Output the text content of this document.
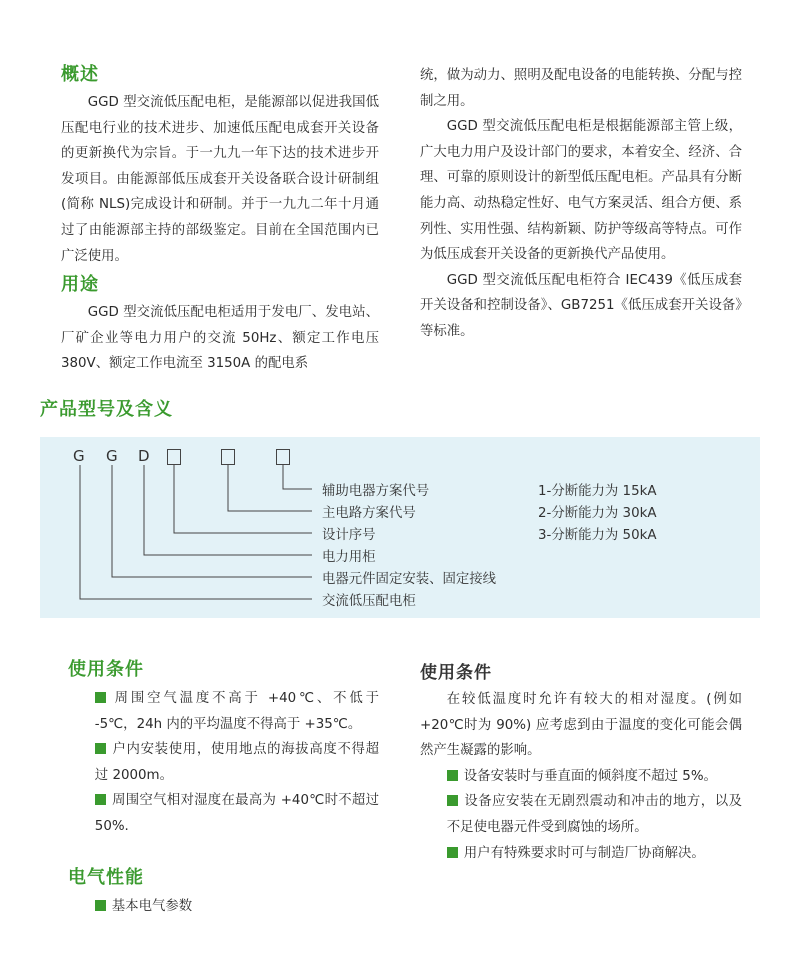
概述

GGD 型交流低压配电柜，是能源部以促进我国低压配电行业的技术进步、加速低压配电成套开关设备的更新换代为宗旨。于一九九一年下达的技术进步开发项目。由能源部低压成套开关设备联合设计研制组(简称 NLS)完成设计和研制。并于一九九二年十月通过了由能源部主持的部级鉴定。目前在全国范围内已广泛使用。

用途

GGD 型交流低压配电柜适用于发电厂、发电站、厂矿企业等电力用户的交流 50Hz、额定工作电压 380V、额定工作电流至 3150A 的配电系

统，做为动力、照明及配电设备的电能转换、分配与控制之用。

GGD 型交流低压配电柜是根据能源部主管上级，广大电力用户及设计部门的要求，本着安全、经济、合理、可靠的原则设计的新型低压配电柜。产品具有分断能力高、动热稳定性好、电气方案灵活、组合方便、系列性、实用性强、结构新颖、防护等级高等特点。可作为低压成套开关设备的更新换代产品使用。

GGD 型交流低压配电柜符合 IEC439《低压成套开关设备和控制设备》、GB7251《低压成套开关设备》等标准。

产品型号及含义
G G D
辅助电器方案代号
主电路方案代号
设计序号
电力用柜
电器元件固定安装、固定接线
交流低压配电柜
1-分断能力为 15kA
2-分断能力为 30kA
3-分断能力为 50kA
使用条件

周围空气温度不高于 +40℃、不低于 -5℃，24h 内的平均温度不得高于 +35℃。

户内安装使用，使用地点的海拔高度不得超过 2000m。

周围空气相对湿度在最高为 +40℃时不超过 50%.

电气性能

基本电气参数

使用条件

在较低温度时允许有较大的相对湿度。(例如+20℃时为 90%) 应考虑到由于温度的变化可能会偶然产生凝露的影响。

设备安装时与垂直面的倾斜度不超过 5%。

设备应安装在无剧烈震动和冲击的地方，以及不足使电器元件受到腐蚀的场所。

用户有特殊要求时可与制造厂协商解决。
